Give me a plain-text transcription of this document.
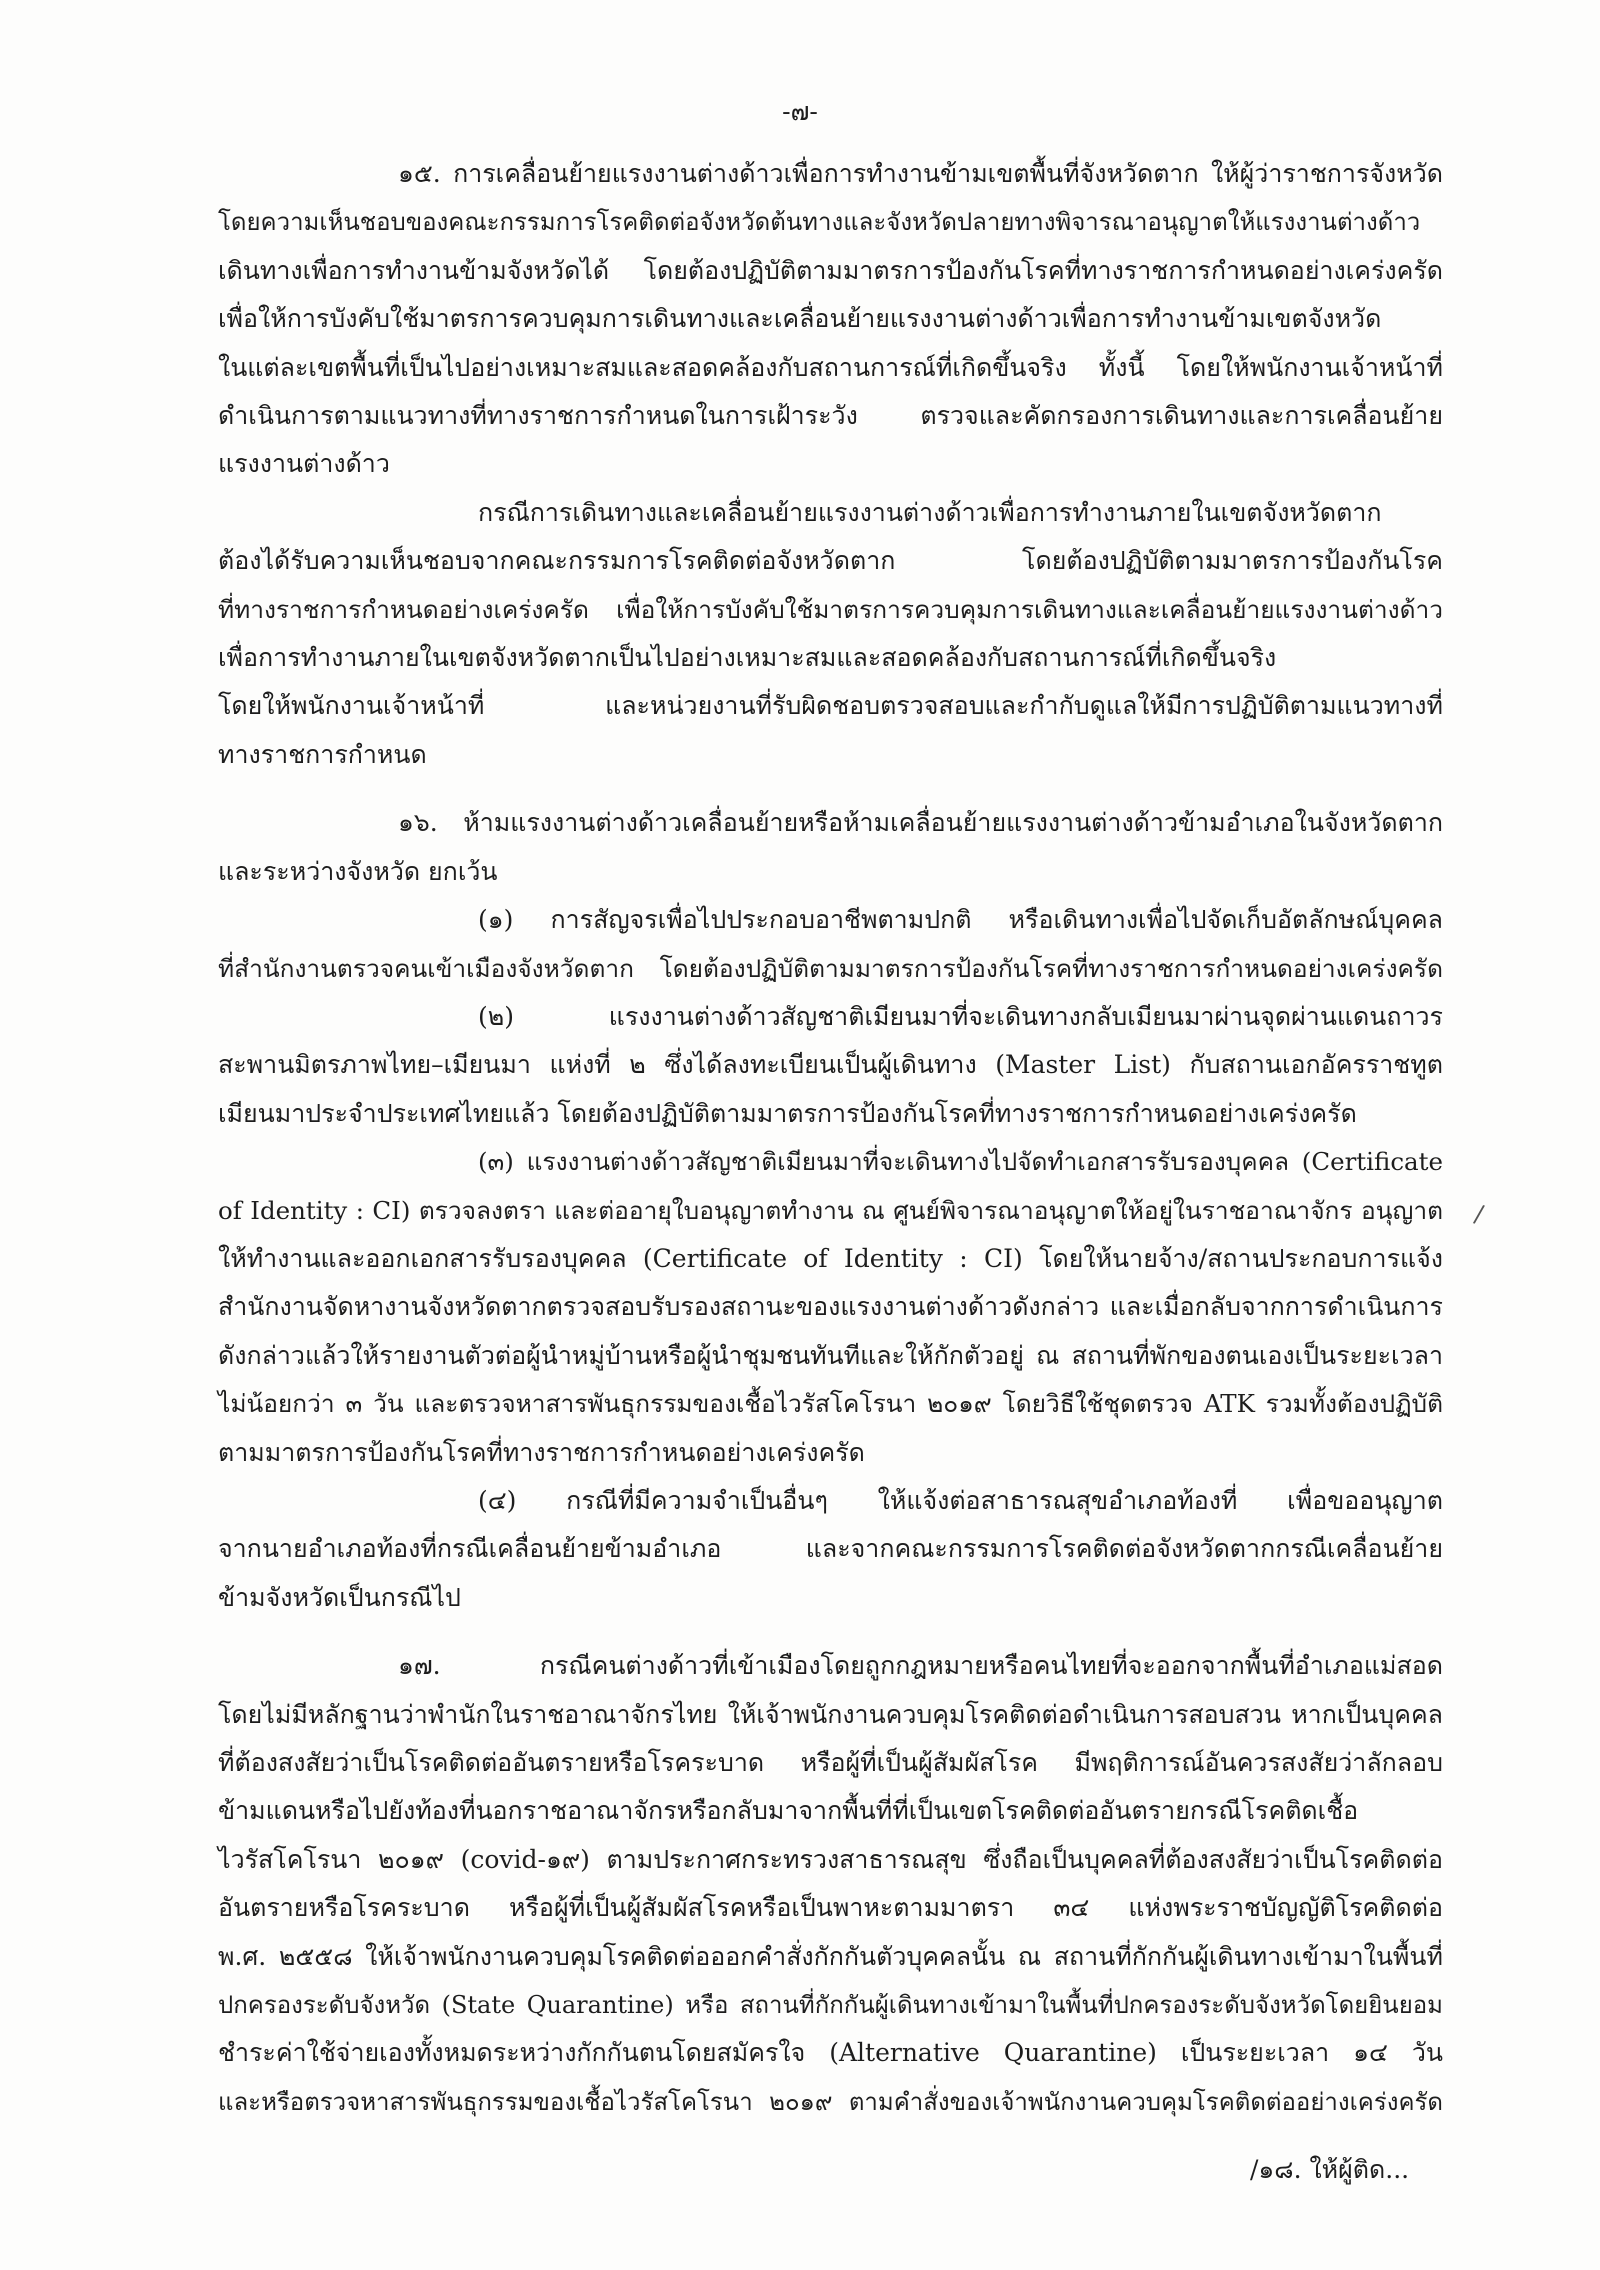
-๗-

๑๕. การเคลื่อนย้ายแรงงานต่างด้าวเพื่อการทำงานข้ามเขตพื้นที่จังหวัดตาก ให้ผู้ว่าราชการจังหวัด
โดยความเห็นชอบของคณะกรรมการโรคติดต่อจังหวัดต้นทางและจังหวัดปลายทางพิจารณาอนุญาตให้แรงงานต่างด้าว
เดินทางเพื่อการทำงานข้ามจังหวัดได้ โดยต้องปฏิบัติตามมาตรการป้องกันโรคที่ทางราชการกำหนดอย่างเคร่งครัด
เพื่อให้การบังคับใช้มาตรการควบคุมการเดินทางและเคลื่อนย้ายแรงงานต่างด้าวเพื่อการทำงานข้ามเขตจังหวัด
ในแต่ละเขตพื้นที่เป็นไปอย่างเหมาะสมและสอดคล้องกับสถานการณ์ที่เกิดขึ้นจริง ทั้งนี้ โดยให้พนักงานเจ้าหน้าที่
ดำเนินการตามแนวทางที่ทางราชการกำหนดในการเฝ้าระวัง ตรวจและคัดกรองการเดินทางและการเคลื่อนย้าย
แรงงานต่างด้าว

กรณีการเดินทางและเคลื่อนย้ายแรงงานต่างด้าวเพื่อการทำงานภายในเขตจังหวัดตาก
ต้องได้รับความเห็นชอบจากคณะกรรมการโรคติดต่อจังหวัดตาก โดยต้องปฏิบัติตามมาตรการป้องกันโรค
ที่ทางราชการกำหนดอย่างเคร่งครัด เพื่อให้การบังคับใช้มาตรการควบคุมการเดินทางและเคลื่อนย้ายแรงงานต่างด้าว
เพื่อการทำงานภายในเขตจังหวัดตากเป็นไปอย่างเหมาะสมและสอดคล้องกับสถานการณ์ที่เกิดขึ้นจริง
โดยให้พนักงานเจ้าหน้าที่ และหน่วยงานที่รับผิดชอบตรวจสอบและกำกับดูแลให้มีการปฏิบัติตามแนวทางที่
ทางราชการกำหนด

๑๖. ห้ามแรงงานต่างด้าวเคลื่อนย้ายหรือห้ามเคลื่อนย้ายแรงงานต่างด้าวข้ามอำเภอในจังหวัดตาก
และระหว่างจังหวัด ยกเว้น
(๑) การสัญจรเพื่อไปประกอบอาชีพตามปกติ หรือเดินทางเพื่อไปจัดเก็บอัตลักษณ์บุคคล
ที่สำนักงานตรวจคนเข้าเมืองจังหวัดตาก โดยต้องปฏิบัติตามมาตรการป้องกันโรคที่ทางราชการกำหนดอย่างเคร่งครัด
(๒) แรงงานต่างด้าวสัญชาติเมียนมาที่จะเดินทางกลับเมียนมาผ่านจุดผ่านแดนถาวร
สะพานมิตรภาพไทย–เมียนมา แห่งที่ ๒ ซึ่งได้ลงทะเบียนเป็นผู้เดินทาง (Master List) กับสถานเอกอัครราชทูต
เมียนมาประจำประเทศไทยแล้ว โดยต้องปฏิบัติตามมาตรการป้องกันโรคที่ทางราชการกำหนดอย่างเคร่งครัด
(๓) แรงงานต่างด้าวสัญชาติเมียนมาที่จะเดินทางไปจัดทำเอกสารรับรองบุคคล (Certificate
of Identity : CI) ตรวจลงตรา และต่ออายุใบอนุญาตทำงาน ณ ศูนย์พิจารณาอนุญาตให้อยู่ในราชอาณาจักร อนุญาต
ให้ทำงานและออกเอกสารรับรองบุคคล (Certificate of Identity : CI) โดยให้นายจ้าง/สถานประกอบการแจ้ง
สำนักงานจัดหางานจังหวัดตากตรวจสอบรับรองสถานะของแรงงานต่างด้าวดังกล่าว และเมื่อกลับจากการดำเนินการ
ดังกล่าวแล้วให้รายงานตัวต่อผู้นำหมู่บ้านหรือผู้นำชุมชนทันทีและให้กักตัวอยู่ ณ สถานที่พักของตนเองเป็นระยะเวลา
ไม่น้อยกว่า ๓ วัน และตรวจหาสารพันธุกรรมของเชื้อไวรัสโคโรนา ๒๐๑๙ โดยวิธีใช้ชุดตรวจ ATK รวมทั้งต้องปฏิบัติ
ตามมาตรการป้องกันโรคที่ทางราชการกำหนดอย่างเคร่งครัด
(๔) กรณีที่มีความจำเป็นอื่นๆ ให้แจ้งต่อสาธารณสุขอำเภอท้องที่ เพื่อขออนุญาต
จากนายอำเภอท้องที่กรณีเคลื่อนย้ายข้ามอำเภอ และจากคณะกรรมการโรคติดต่อจังหวัดตากกรณีเคลื่อนย้าย
ข้ามจังหวัดเป็นกรณีไป

๑๗. กรณีคนต่างด้าวที่เข้าเมืองโดยถูกกฎหมายหรือคนไทยที่จะออกจากพื้นที่อำเภอแม่สอด
โดยไม่มีหลักฐานว่าพำนักในราชอาณาจักรไทย ให้เจ้าพนักงานควบคุมโรคติดต่อดำเนินการสอบสวน หากเป็นบุคคล
ที่ต้องสงสัยว่าเป็นโรคติดต่ออันตรายหรือโรคระบาด หรือผู้ที่เป็นผู้สัมผัสโรค มีพฤติการณ์อันควรสงสัยว่าลักลอบ
ข้ามแดนหรือไปยังท้องที่นอกราชอาณาจักรหรือกลับมาจากพื้นที่ที่เป็นเขตโรคติดต่ออันตรายกรณีโรคติดเชื้อ
ไวรัสโคโรนา ๒๐๑๙ (covid-๑๙) ตามประกาศกระทรวงสาธารณสุข ซึ่งถือเป็นบุคคลที่ต้องสงสัยว่าเป็นโรคติดต่อ
อันตรายหรือโรคระบาด หรือผู้ที่เป็นผู้สัมผัสโรคหรือเป็นพาหะตามมาตรา ๓๔ แห่งพระราชบัญญัติโรคติดต่อ
พ.ศ. ๒๕๕๘ ให้เจ้าพนักงานควบคุมโรคติดต่อออกคำสั่งกักกันตัวบุคคลนั้น ณ สถานที่กักกันผู้เดินทางเข้ามาในพื้นที่
ปกครองระดับจังหวัด (State Quarantine) หรือ สถานที่กักกันผู้เดินทางเข้ามาในพื้นที่ปกครองระดับจังหวัดโดยยินยอม
ชำระค่าใช้จ่ายเองทั้งหมดระหว่างกักกันตนโดยสมัครใจ (Alternative Quarantine) เป็นระยะเวลา ๑๔ วัน
และหรือตรวจหาสารพันธุกรรมของเชื้อไวรัสโคโรนา ๒๐๑๙ ตามคำสั่งของเจ้าพนักงานควบคุมโรคติดต่ออย่างเคร่งครัด

/
/๑๘. ให้ผู้ติด...
